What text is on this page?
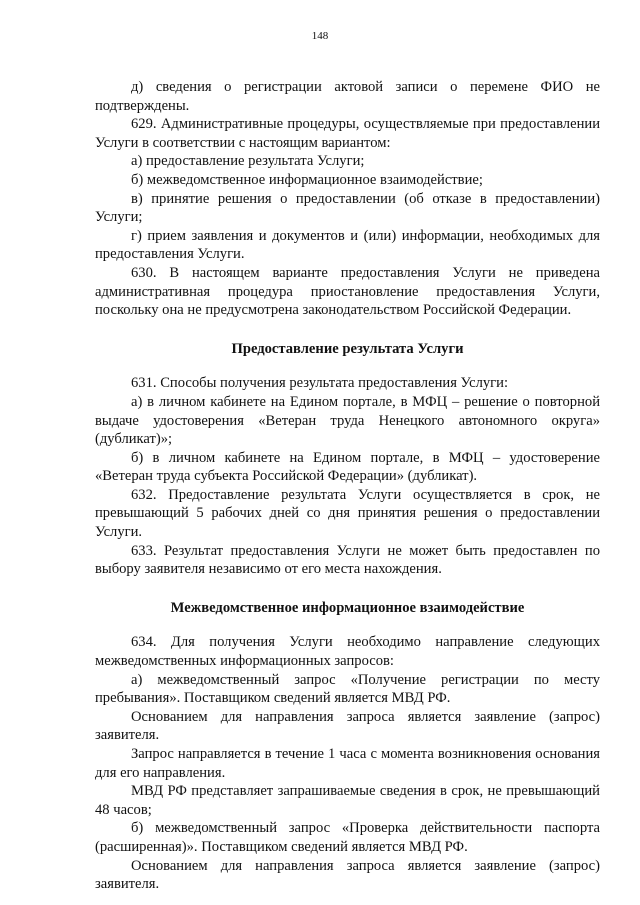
148

д) сведения о регистрации актовой записи о перемене ФИО не подтверждены.

629. Административные процедуры, осуществляемые при предоставлении Услуги в соответствии с настоящим вариантом:

а) предоставление результата Услуги;

б) межведомственное информационное взаимодействие;

в) принятие решения о предоставлении (об отказе в предоставлении) Услуги;

г) прием заявления и документов и (или) информации, необходимых для предоставления Услуги.

630. В настоящем варианте предоставления Услуги не приведена административная процедура приостановление предоставления Услуги, поскольку она не предусмотрена законодательством Российской Федерации.

Предоставление результата Услуги

631. Способы получения результата предоставления Услуги:

а) в личном кабинете на Едином портале, в МФЦ – решение о повторной выдаче удостоверения «Ветеран труда Ненецкого автономного округа» (дубликат)»;

б) в личном кабинете на Едином портале, в МФЦ – удостоверение «Ветеран труда субъекта Российской Федерации» (дубликат).

632. Предоставление результата Услуги осуществляется в срок, не превышающий 5 рабочих дней со дня принятия решения о предоставлении Услуги.

633. Результат предоставления Услуги не может быть предоставлен по выбору заявителя независимо от его места нахождения.

Межведомственное информационное взаимодействие

634. Для получения Услуги необходимо направление следующих межведомственных информационных запросов:

а) межведомственный запрос «Получение регистрации по месту пребывания». Поставщиком сведений является МВД РФ.

Основанием для направления запроса является заявление (запрос) заявителя.

Запрос направляется в течение 1 часа с момента возникновения основания для его направления.

МВД РФ представляет запрашиваемые сведения в срок, не превышающий 48 часов;

б) межведомственный запрос «Проверка действительности паспорта (расширенная)». Поставщиком сведений является МВД РФ.

Основанием для направления запроса является заявление (запрос) заявителя.
